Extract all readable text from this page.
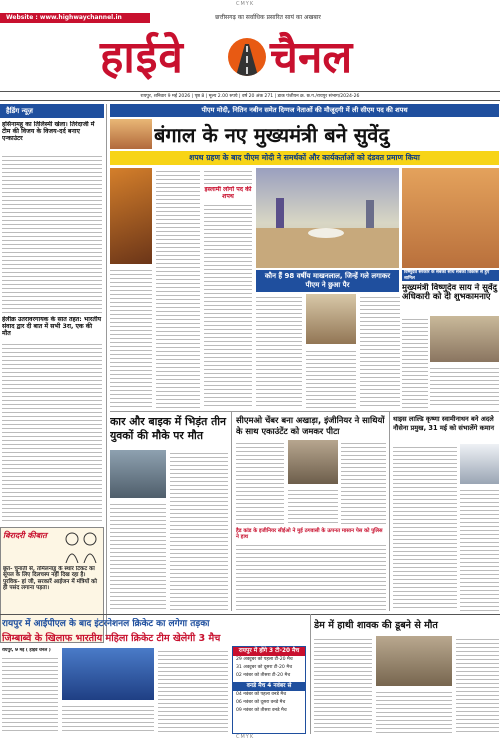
CMYK
Website : www.highwaychannel.in	छत्तीसगढ़ का सर्वाधिक प्रसारित सायं का अखबार
हाईवे चैनल
रायपुर, शनिवार 9 मई 2026 | पृष्ठ 8 | मूल्य 2.00 रुपये | वर्ष 20 अंक 271 | डाक पंजीयन क्र. छ.ग./रायपुर संभाग/2024-26
हैडिंग न्यूज़
हसिनामहू का तिलिस्मी खेला। तिरंदाजी में टीम की विजय के विजय-दर्द बनाए एन्काउंटर
हेलीक्र उतरावरगायक के सात तहत: भारतीय संवाद द्वार दी बात में सभी 3रा, एक की मौत
बिरादरी कीबात
छूत- चुनाती से, तमिलनाडु के स्थार टिकट का सूपल के लिए दिलचस्प नहीं दिख रहा है। पुरविक- हां जी, सरकारें आईजन में मंत्रियों को ही पसंद लगाना पड़ता।
पीएम मोदी, नितिन नबीन समेत दिग्गज नेताओं की मौजूदगी में ली सीएम पद की शपथ
बंगाल के नए मुख्यमंत्री बने सुवेंदु
शपथ ग्रहण के बाद पीएम मोदी ने समर्थकों और कार्यकर्ताओं को दंडवत प्रमाण किया
इस्लामी लोगों पद की शपथ
कौन हैं 98 वर्षीय माखनलाल, जिन्हें गले लगाकर पीएम ने छुआ पैर
विष्णुदेव सरकार के सबका साथ सबका विकास से हुए शामिल
मुख्यमंत्री विष्णुदेव साय ने सुवेंदु अधिकारी को दी शुभकामनाएं
कार और बाइक में भिड़ंत तीन युवकों की मौके पर मौत
सीएमओ चेंबर बना अखाड़ा, इंजीनियर ने साथियों के साथ एकाउंटेंट को जमकर पीटा
हैड कांड के इजीनियर सीईओ ने मुई ठगवासी के ऊपनत मासान पेस को पुलिस ने हाथ
थाइस लाल्डि कृष्णा स्वामीनाथन बने अदले नौसेना प्रमुख, 31 मई को संभालेंगे कमान
रायपुर में आईपीएल के बाद इंटरनेशनल क्रिकेट का लगेगा तड़का
जिम्बाब्वे के खिलाफ भारतीय महिला क्रिकेट टीम खेलेगी 3 मैच
रायपुर, 9 मई ( हाईवे चैनल )	रायपुर में होंगे 3 टी-20 मैच
29 अक्टूबर को पहला टी-20 मैच
31 अक्टूबर को दूसरा टी-20 मैच
02 नवंबर को तीसरा टी-20 मैच
वनडे मैच 4 नवंबर से
04 नवंबर को पहला वनडे मैच
06 नवंबर को दूसरा वनडे मैच
09 नवंबर को तीसरा वनडे मैच
डेम में हाथी शावक की डूबने से मौत
CMYK
